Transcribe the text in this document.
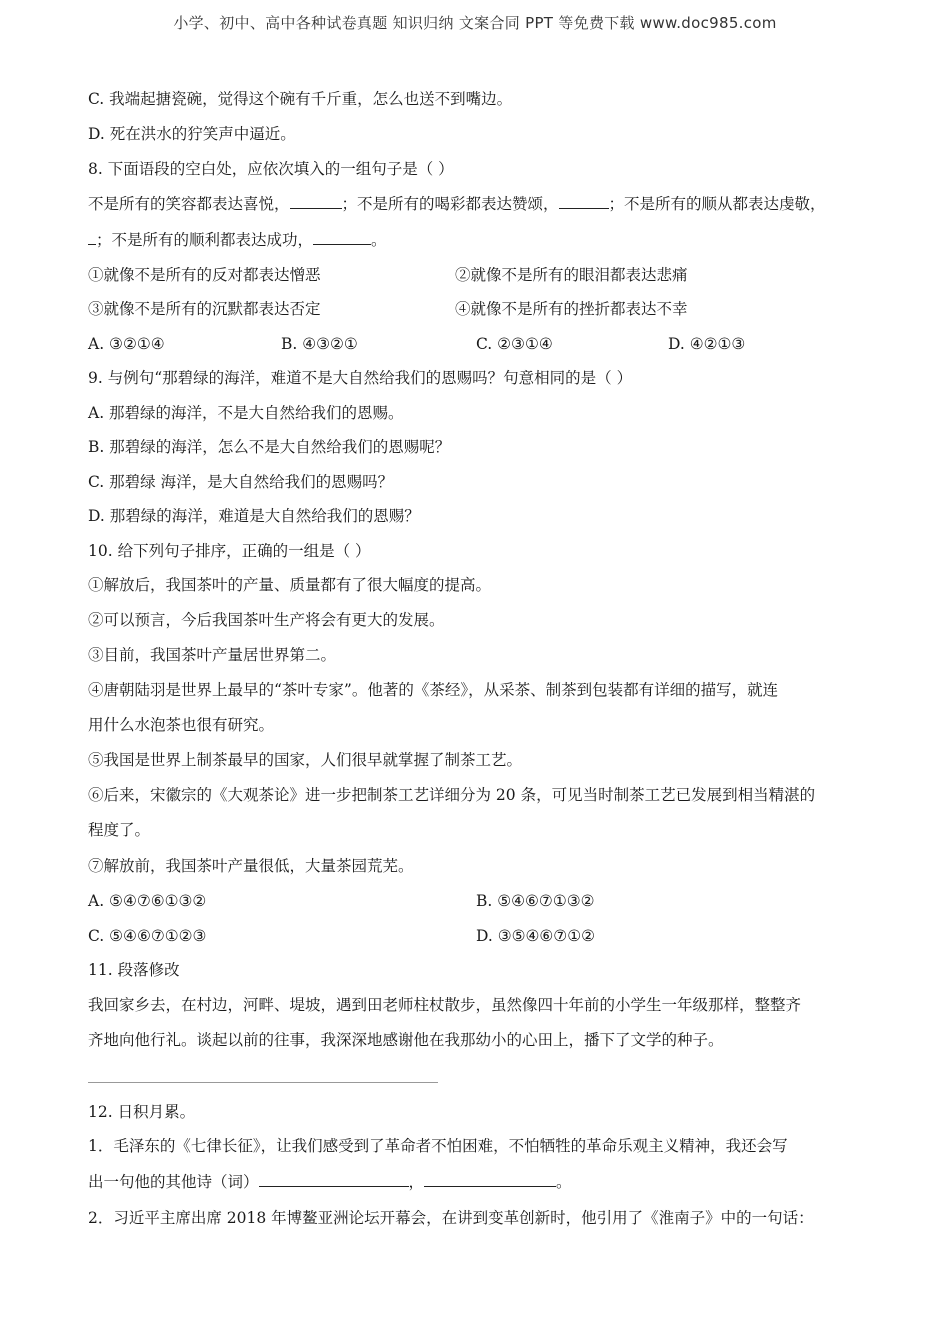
小学、初中、高中各种试卷真题 知识归纳 文案合同 PPT 等免费下载 www.doc985.com
C. 我端起搪瓷碗，觉得这个碗有千斤重，怎么也送不到嘴边。
D. 死在洪水的狞笑声中逼近。
8. 下面语段的空白处，应依次填入的一组句子是（ ）
不是所有的笑容都表达喜悦，	；不是所有的喝彩都表达赞颂，	；不是所有的顺从都表达虔敬，
；不是所有的顺利都表达成功，	。
①就像不是所有的反对都表达憎恶	②就像不是所有的眼泪都表达悲痛
③就像不是所有的沉默都表达否定	④就像不是所有的挫折都表达不幸
A. ③②①④	B. ④③②①	C. ②③①④	D. ④②①③
9. 与例句“那碧绿的海洋，难道不是大自然给我们的恩赐吗？句意相同的是（ ）
A. 那碧绿的海洋，不是大自然给我们的恩赐。
B. 那碧绿的海洋，怎么不是大自然给我们的恩赐呢？
C. 那碧绿 海洋，是大自然给我们的恩赐吗？
D. 那碧绿的海洋，难道是大自然给我们的恩赐？
10. 给下列句子排序，正确的一组是（ ）
①解放后，我国茶叶的产量、质量都有了很大幅度的提高。
②可以预言，今后我国茶叶生产将会有更大的发展。
③目前，我国茶叶产量居世界第二。
④唐朝陆羽是世界上最早的“茶叶专家”。他著的《茶经》，从采茶、制茶到包装都有详细的描写，就连
用什么水泡茶也很有研究。
⑤我国是世界上制茶最早的国家，人们很早就掌握了制茶工艺。
⑥后来，宋徽宗的《大观茶论》进一步把制茶工艺详细分为 20 条，可见当时制茶工艺已发展到相当精湛的
程度了。
⑦解放前，我国茶叶产量很低，大量茶园荒芜。
A. ⑤④⑦⑥①③②	B. ⑤④⑥⑦①③②
C. ⑤④⑥⑦①②③	D. ③⑤④⑥⑦①②
11. 段落修改
我回家乡去，在村边，河畔、堤坡，遇到田老师柱杖散步，虽然像四十年前的小学生一年级那样，整整齐
齐地向他行礼。谈起以前的往事，我深深地感谢他在我那幼小的心田上，播下了文学的种子。
12. 日积月累。
1．毛泽东的《七律长征》，让我们感受到了革命者不怕困难，不怕牺牲的革命乐观主义精神，我还会写
出一句他的其他诗（词）	，	。
2．习近平主席出席 2018 年博鳌亚洲论坛开幕会，在讲到变革创新时，他引用了《淮南子》中的一句话：
